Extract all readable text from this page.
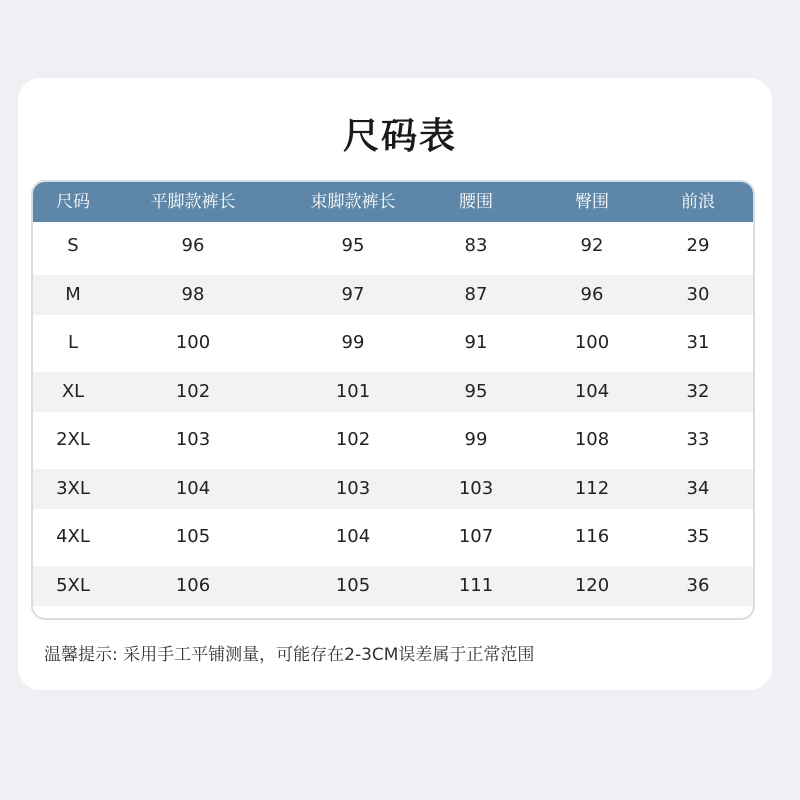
尺码表
尺码	平脚款裤长	束脚款裤长	腰围	臀围	前浪
S	96	95	83	92	29
M	98	97	87	96	30
L	100	99	91	100	31
XL	102	101	95	104	32
2XL	103	102	99	108	33
3XL	104	103	103	112	34
4XL	105	104	107	116	35
5XL	106	105	111	120	36
温馨提示: 采用手工平铺测量，可能存在2-3CM误差属于正常范围
